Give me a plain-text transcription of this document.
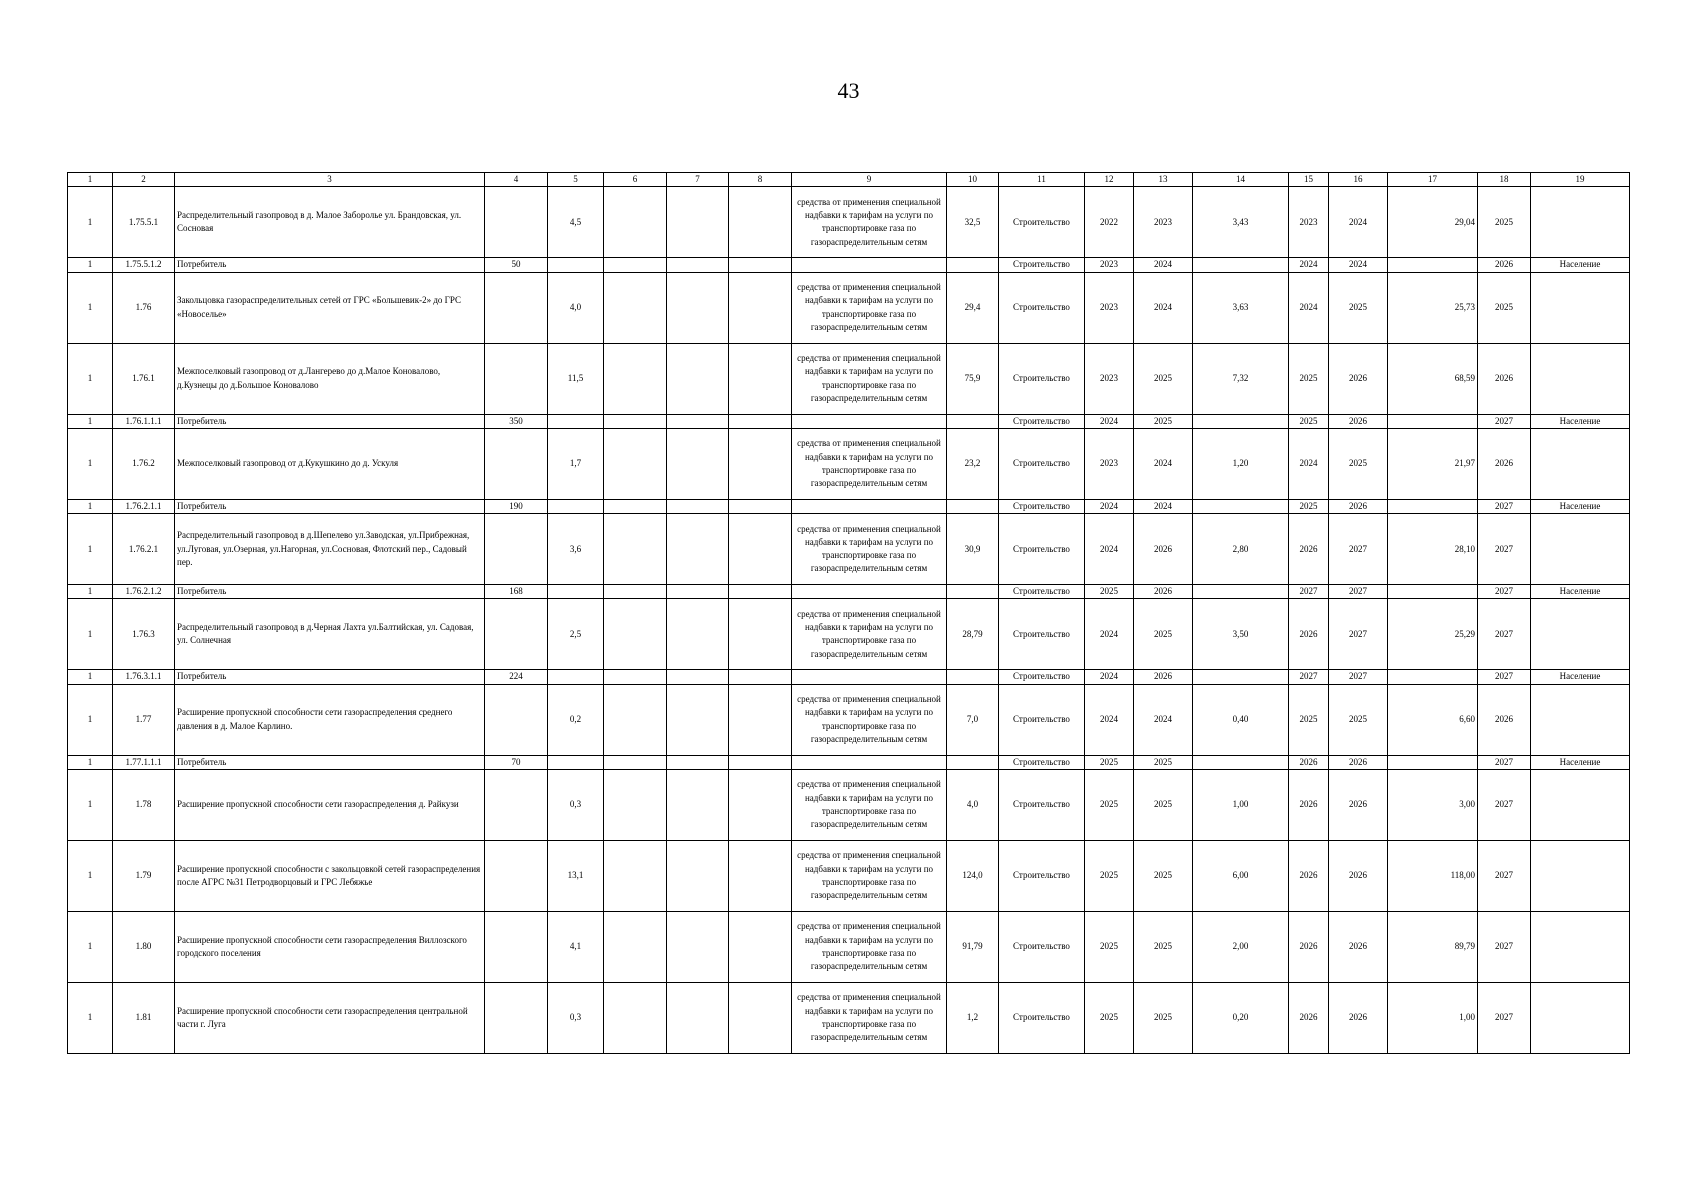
43
1	2	3	4	5	6	7	8	9	10	11	12	13	14	15	16	17	18	19
1	1.75.5.1	Распределительный газопровод в д. Малое Заборолье ул. Брандовская, ул. Сосновая		4,5				средства от применения специальной надбавки к тарифам на услуги по транспортировке газа по газораспределительным сетям	32,5	Строительство	2022	2023	3,43	2023	2024	29,04	2025	
1	1.75.5.1.2	Потребитель	50							Строительство	2023	2024		2024	2024		2026	Население
1	1.76	Закольцовка газораспределительных сетей от ГРС «Большевик-2» до ГРС «Новоселье»		4,0				средства от применения специальной надбавки к тарифам на услуги по транспортировке газа по газораспределительным сетям	29,4	Строительство	2023	2024	3,63	2024	2025	25,73	2025	
1	1.76.1	Межпоселковый газопровод от д.Лангерево до д.Малое Коновалово, д.Кузнецы до д.Большое Коновалово		11,5				средства от применения специальной надбавки к тарифам на услуги по транспортировке газа по газораспределительным сетям	75,9	Строительство	2023	2025	7,32	2025	2026	68,59	2026	
1	1.76.1.1.1	Потребитель	350							Строительство	2024	2025		2025	2026		2027	Население
1	1.76.2	Межпоселковый газопровод от д.Кукушкино до д. Ускуля		1,7				средства от применения специальной надбавки к тарифам на услуги по транспортировке газа по газораспределительным сетям	23,2	Строительство	2023	2024	1,20	2024	2025	21,97	2026	
1	1.76.2.1.1	Потребитель	190							Строительство	2024	2024		2025	2026		2027	Население
1	1.76.2.1	Распределительный газопровод в д.Шепелево ул.Заводская, ул.Прибрежная, ул.Луговая, ул.Озерная, ул.Нагорная, ул.Сосновая, Флотский пер., Садовый пер.		3,6				средства от применения специальной надбавки к тарифам на услуги по транспортировке газа по газораспределительным сетям	30,9	Строительство	2024	2026	2,80	2026	2027	28,10	2027	
1	1.76.2.1.2	Потребитель	168							Строительство	2025	2026		2027	2027		2027	Население
1	1.76.3	Распределительный газопровод в д.Черная Лахта ул.Балтийская, ул. Садовая, ул. Солнечная		2,5				средства от применения специальной надбавки к тарифам на услуги по транспортировке газа по газораспределительным сетям	28,79	Строительство	2024	2025	3,50	2026	2027	25,29	2027	
1	1.76.3.1.1	Потребитель	224							Строительство	2024	2026		2027	2027		2027	Население
1	1.77	Расширение пропускной способности сети газораспределения среднего давления в д. Малое Карлино.		0,2				средства от применения специальной надбавки к тарифам на услуги по транспортировке газа по газораспределительным сетям	7,0	Строительство	2024	2024	0,40	2025	2025	6,60	2026	
1	1.77.1.1.1	Потребитель	70							Строительство	2025	2025		2026	2026		2027	Население
1	1.78	Расширение пропускной способности сети газораспределения д. Райкузи		0,3				средства от применения специальной надбавки к тарифам на услуги по транспортировке газа по газораспределительным сетям	4,0	Строительство	2025	2025	1,00	2026	2026	3,00	2027	
1	1.79	Расширение пропускной способности с закольцовкой сетей газораспределения после АГРС №31 Петродворцовый и ГРС Лебяжье		13,1				средства от применения специальной надбавки к тарифам на услуги по транспортировке газа по газораспределительным сетям	124,0	Строительство	2025	2025	6,00	2026	2026	118,00	2027	
1	1.80	Расширение пропускной способности сети газораспределения Виллозского городского поселения		4,1				средства от применения специальной надбавки к тарифам на услуги по транспортировке газа по газораспределительным сетям	91,79	Строительство	2025	2025	2,00	2026	2026	89,79	2027	
1	1.81	Расширение пропускной способности сети газораспределения центральной части г. Луга		0,3				средства от применения специальной надбавки к тарифам на услуги по транспортировке газа по газораспределительным сетям	1,2	Строительство	2025	2025	0,20	2026	2026	1,00	2027	
